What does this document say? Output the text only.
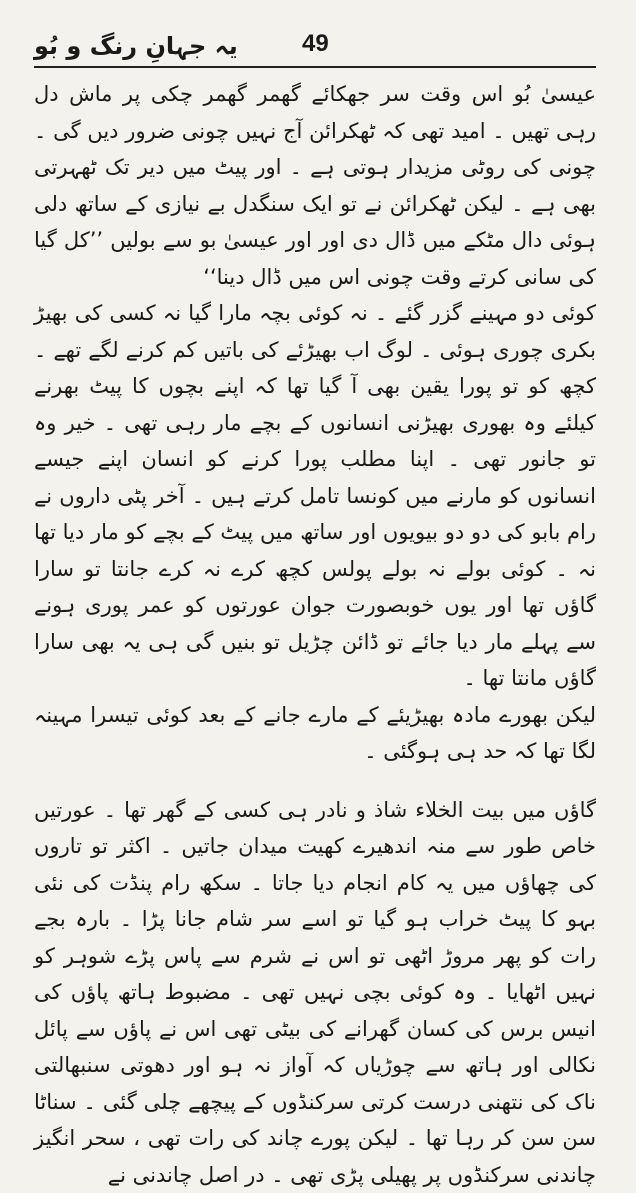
یہ جہانِ رنگ و بُو	49

عیسیٰ بُو اس وقت سر جھکائے گھمر گھمر چکی پر ماش دل رہی تھیں ۔ امید تھی کہ ٹھکرائن آج نہیں چونی ضرور دیں گی ۔ چونی کی روٹی مزیدار ہوتی ہے ۔ اور پیٹ میں دیر تک ٹھہرتی بھی ہے ۔ لیکن ٹھکرائن نے تو ایک سنگدل بے نیازی کے ساتھ دلی ہوئی دال مٹکے میں ڈال دی اور اور عیسیٰ بو سے بولیں ’’کل گیا کی سانی کرتے وقت چونی اس میں ڈال دینا‘‘

کوئی دو مہینے گزر گئے ۔ نہ کوئی بچہ مارا گیا نہ کسی کی بھیڑ بکری چوری ہوئی ۔ لوگ اب بھیڑئے کی باتیں کم کرنے لگے تھے ۔ کچھ کو تو پورا یقین بھی آ گیا تھا کہ اپنے بچوں کا پیٹ بھرنے کیلئے وہ بھوری بھیڑنی انسانوں کے بچے مار رہی تھی ۔ خیر وہ تو جانور تھی ۔ اپنا مطلب پورا کرنے کو انسان اپنے جیسے انسانوں کو مارنے میں کونسا تامل کرتے ہیں ۔ آخر پٹی داروں نے رام بابو کی دو دو بیویوں اور ساتھ میں پیٹ کے بچے کو مار دیا تھا نہ ۔ کوئی بولے نہ بولے پولس کچھ کرے نہ کرے جانتا تو سارا گاؤں تھا اور یوں خوبصورت جوان عورتوں کو عمر پوری ہونے سے پہلے مار دیا جائے تو ڈائن چڑیل تو بنیں گی ہی یہ بھی سارا گاؤں مانتا تھا ۔

لیکن بھورے مادہ بھیڑیئے کے مارے جانے کے بعد کوئی تیسرا مہینہ لگا تھا کہ حد ہی ہوگئی ۔

گاؤں میں بیت الخلاء شاذ و نادر ہی کسی کے گھر تھا ۔ عورتیں خاص طور سے منہ اندھیرے کھیت میدان جاتیں ۔ اکثر تو تاروں کی چھاؤں میں یہ کام انجام دیا جاتا ۔ سکھ رام پنڈت کی نئی بہو کا پیٹ خراب ہو گیا تو اسے سر شام جانا پڑا ۔ بارہ بجے رات کو پھر مروڑ اٹھی تو اس نے شرم سے پاس پڑے شوہر کو نہیں اٹھایا ۔ وہ کوئی بچی نہیں تھی ۔ مضبوط ہاتھ پاؤں کی انیس برس کی کسان گھرانے کی بیٹی تھی اس نے پاؤں سے پائل نکالی اور ہاتھ سے چوڑیاں کہ آواز نہ ہو اور دھوتی سنبھالتی ناک کی نتھنی درست کرتی سرکنڈوں کے پیچھے چلی گئی ۔ سناٹا سن سن کر رہا تھا ۔ لیکن پورے چاند کی رات تھی ، سحر انگیز چاندنی سرکنڈوں پر پھیلی پڑی تھی ۔ در اصل چاندنی نے
